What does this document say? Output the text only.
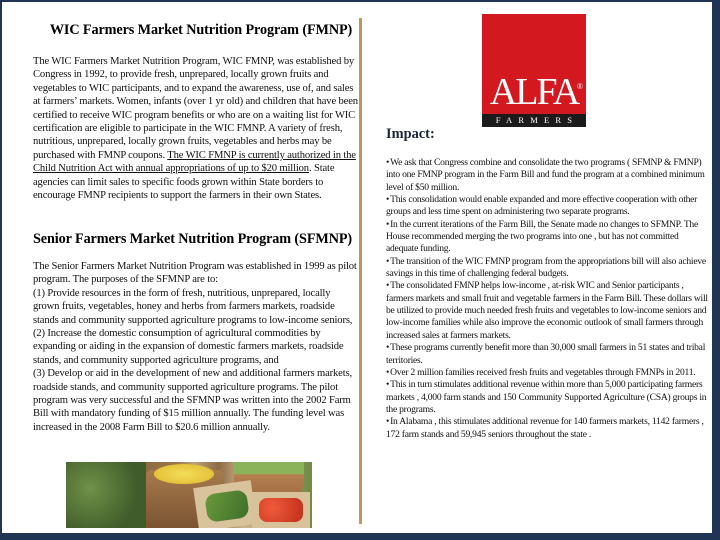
WIC Farmers Market Nutrition Program (FMNP)
The WIC Farmers Market Nutrition Program, WIC FMNP, was established by Congress in 1992, to provide fresh, unprepared, locally grown fruits and vegetables to WIC participants, and to expand the awareness, use of, and sales at farmers’ markets. Women, infants (over 1 yr old) and children that have been certified to receive WIC program benefits or who are on a waiting list for WIC certification are eligible to participate in the WIC FMNP. A variety of fresh, nutritious, unprepared, locally grown fruits, vegetables and herbs may be purchased with FMNP coupons. The WIC FMNP is currently authorized in the Child Nutrition Act with annual appropriations of up to $20 million. State agencies can limit sales to specific foods grown within State borders to encourage FMNP recipients to support the farmers in their own States.
Senior Farmers Market Nutrition Program (SFMNP)
The Senior Farmers Market Nutrition Program was established in 1999 as pilot program. The purposes of the SFMNP are to:
(1) Provide resources in the form of fresh, nutritious, unprepared, locally grown fruits, vegetables, honey and herbs from farmers markets, roadside stands and community supported agriculture programs to low-income seniors,
(2) Increase the domestic consumption of agricultural commodities by expanding or aiding in the expansion of domestic farmers markets, roadside stands, and community supported agriculture programs, and
(3) Develop or aid in the development of new and additional farmers markets, roadside stands, and community supported agriculture programs. The pilot program was very successful and the SFMNP was written into the 2002 Farm Bill with mandatory funding of $15 million annually. The funding level was increased in the 2008 Farm Bill to $20.6 million annually.
ALFA
®
FARMERS
Impact:
•We ask that Congress combine and consolidate the two programs ( SFMNP & FMNP) into one FMNP program in the Farm Bill and fund the program at a combined minimum level of $50 million.
•This consolidation would enable expanded and more effective cooperation with other groups and less time spent on administering two separate programs.
•In the current iterations of the Farm Bill, the Senate made no changes to SFMNP. The House recommended merging the two programs into one , but has not committed adequate funding.
•The transition of the WIC FMNP program from the appropriations bill will also achieve savings in this time of challenging federal budgets.
•The consolidated FMNP helps low-income , at-risk WIC and Senior participants , farmers markets and small fruit and vegetable farmers in the Farm Bill. These dollars will be utilized to provide much needed fresh fruits and vegetables to low-income seniors and low-income families while also improve the economic outlook of small farmers through increased sales at farmers markets.
•These programs currently benefit more than 30,000 small farmers in 51 states and tribal territories.
•Over 2 million families received fresh fruits and vegetables through FMNPs in 2011.
•This in turn stimulates additional revenue within more than 5,000 participating farmers markets , 4,000 farm stands and 150 Community Supported Agriculture (CSA) groups in the programs.
•In Alabama , this stimulates additional revenue for 140 farmers markets, 1142 farmers , 172 farm stands and 59,945 seniors throughout the state .
